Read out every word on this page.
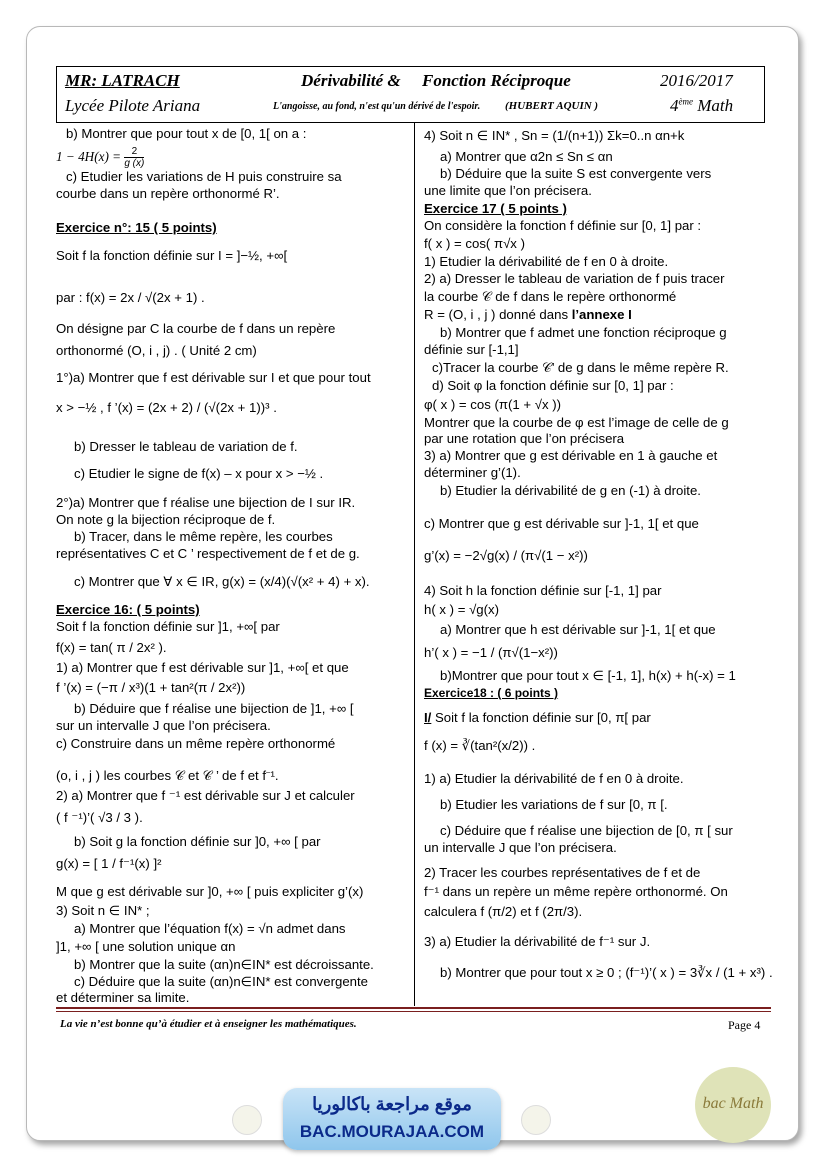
MR: LATRACH	Dérivabilité & Fonction Réciproque	2016/2017
Lycée Pilote Ariana	L'angoisse, au fond, n'est qu'un dérivé de l'espoir. (HUBERT AQUIN )	4ème Math
b) Montrer que pour tout x de [0, 1[ on a :
$1 - 4H(x) = \frac{2}{g (x)}$
c) Etudier les variations de H puis construire sa
courbe dans un repère orthonormé R’.
Exercice n°: 15 ( 5 points)
Soit f la fonction définie sur I = ]−½, +∞[
par : f(x) = 2x / √(2x + 1) .
On désigne par C la courbe de f dans un repère
orthonormé (O, i , j) . ( Unité 2 cm)
1°)a) Montrer que f est dérivable sur I et que pour tout
x > −½ , f ’(x) = (2x + 2) / (√(2x + 1))³ .
b) Dresser le tableau de variation de f.
c) Etudier le signe de f(x) – x pour x > −½ .
2°)a) Montrer que f réalise une bijection de I sur IR.
On note g la bijection réciproque de f.
b) Tracer, dans le même repère, les courbes
représentatives C et C ’ respectivement de f et de g.
c) Montrer que ∀ x ∈ IR, g(x) = (x/4)(√(x² + 4) + x).
Exercice 16: ( 5 points)
Soit f la fonction définie sur ]1, +∞[ par
f(x) = tan( π / 2x² ).
1) a) Montrer que f est dérivable sur ]1, +∞[ et que
f ’(x) = (−π / x³)(1 + tan²(π / 2x²))
b) Déduire que f réalise une bijection de ]1, +∞ [
sur un intervalle J que l’on précisera.
c) Construire dans un même repère orthonormé
(o, i , j ) les courbes 𝒞 et 𝒞 ’ de f et f⁻¹.
2) a) Montrer que f ⁻¹ est dérivable sur J et calculer
( f ⁻¹)’( √3 / 3 ).
b) Soit g la fonction définie sur ]0, +∞ [ par
g(x) = [ 1 / f⁻¹(x) ]²
M que g est dérivable sur ]0, +∞ [ puis expliciter g’(x)
3) Soit n ∈ IN* ;
a) Montrer que l’équation f(x) = √n admet dans
]1, +∞ [ une solution unique αn
b) Montrer que la suite (αn)n∈IN* est décroissante.
c) Déduire que la suite (αn)n∈IN* est convergente
et déterminer sa limite.
4) Soit n ∈ IN* , Sn = (1/(n+1)) Σk=0..n αn+k
a) Montrer que α2n ≤ Sn ≤ αn
b) Déduire que la suite S est convergente vers
une limite que l’on précisera.
Exercice 17 ( 5 points )
On considère la fonction f définie sur [0, 1] par :
f( x ) = cos( π√x )
1) Etudier la dérivabilité de f en 0 à droite.
2) a) Dresser le tableau de variation de f puis tracer
la courbe 𝒞 de f dans le repère orthonormé
R = (O, i , j ) donné dans l’annexe I
b) Montrer que f admet une fonction réciproque g
définie sur [-1,1]
c)Tracer la courbe 𝒞’ de g dans le même repère R.
d) Soit φ la fonction définie sur [0, 1] par :
φ( x ) = cos (π(1 + √x ))
Montrer que la courbe de φ est l’image de celle de g
par une rotation que l’on précisera
3) a) Montrer que g est dérivable en 1 à gauche et
déterminer g’(1).
b) Etudier la dérivabilité de g en (-1) à droite.
c) Montrer que g est dérivable sur ]-1, 1[ et que
g’(x) = −2√g(x) / (π√(1 − x²))
4) Soit h la fonction définie sur [-1, 1] par
h( x ) = √g(x)
a) Montrer que h est dérivable sur ]-1, 1[ et que
h’( x ) = −1 / (π√(1−x²))
b)Montrer que pour tout x ∈ [-1, 1], h(x) + h(-x) = 1
Exercice18 : ( 6 points )
I/ Soit f la fonction définie sur [0, π[ par
f (x) = ∛(tan²(x/2)) .
1) a) Etudier la dérivabilité de f en 0 à droite.
b) Etudier les variations de f sur [0, π [.
c) Déduire que f réalise une bijection de [0, π [ sur
un intervalle J que l’on précisera.
2) Tracer les courbes représentatives de f et de
f⁻¹ dans un repère un même repère orthonormé. On
calculera f (π/2) et f (2π/3).
3) a) Etudier la dérivabilité de f⁻¹ sur J.
b) Montrer que pour tout x ≥ 0 ; (f⁻¹)’( x ) = 3∛x / (1 + x³) .
La vie n’est bonne qu’à étudier et à enseigner les mathématiques.	Page 4
موقع مراجعة باكالوريا
BAC.MOURAJAA.COM
bac Math
